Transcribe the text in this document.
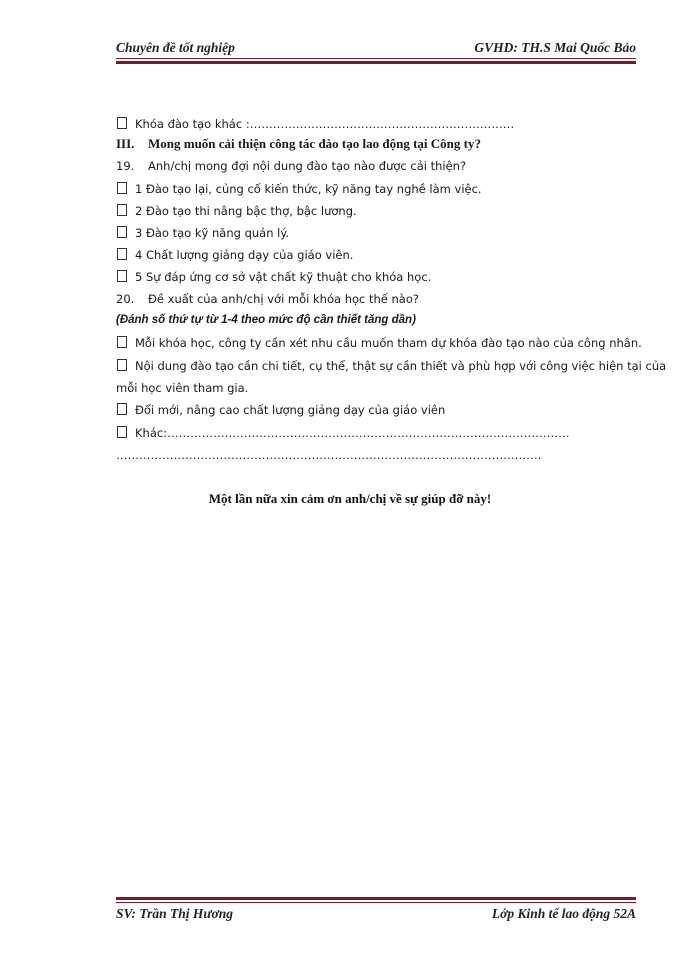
Chuyên đề tốt nghiệp	GVHD: TH.S Mai Quốc Bảo
Khóa đào tạo khác :……………………………………………………………
III. Mong muốn cải thiện công tác đào tạo lao động tại Công ty?
19. Anh/chị mong đợi nội dung đào tạo nào được cải thiện?
1 Đào tạo lại, củng cố kiến thức, kỹ năng tay nghề làm việc.
2 Đào tạo thi nâng bậc thợ, bậc lương.
3 Đào tạo kỹ năng quản lý.
4 Chất lượng giảng dạy của giáo viên.
5 Sự đáp ứng cơ sở vật chất kỹ thuật cho khóa học.
20. Đề xuất của anh/chị với mỗi khóa học thế nào?
(Đánh số thứ tự từ 1-4 theo mức độ cần thiết tăng dần)
Mỗi khóa học, công ty cần xét nhu cầu muốn tham dự khóa đào tạo nào của công nhân.
Nội dung đào tạo cần chi tiết, cụ thể, thật sự cần thiết và phù hợp với công việc hiện tại của
mỗi học viên tham gia.
Đổi mới, nâng cao chất lượng giảng dạy của giáo viên
Khác:……………………………………………………………………………………………
…………………………………………………………………………………………………
Một lần nữa xin cảm ơn anh/chị về sự giúp đỡ này!
SV: Trần Thị Hương	Lớp Kinh tế lao động 52A
